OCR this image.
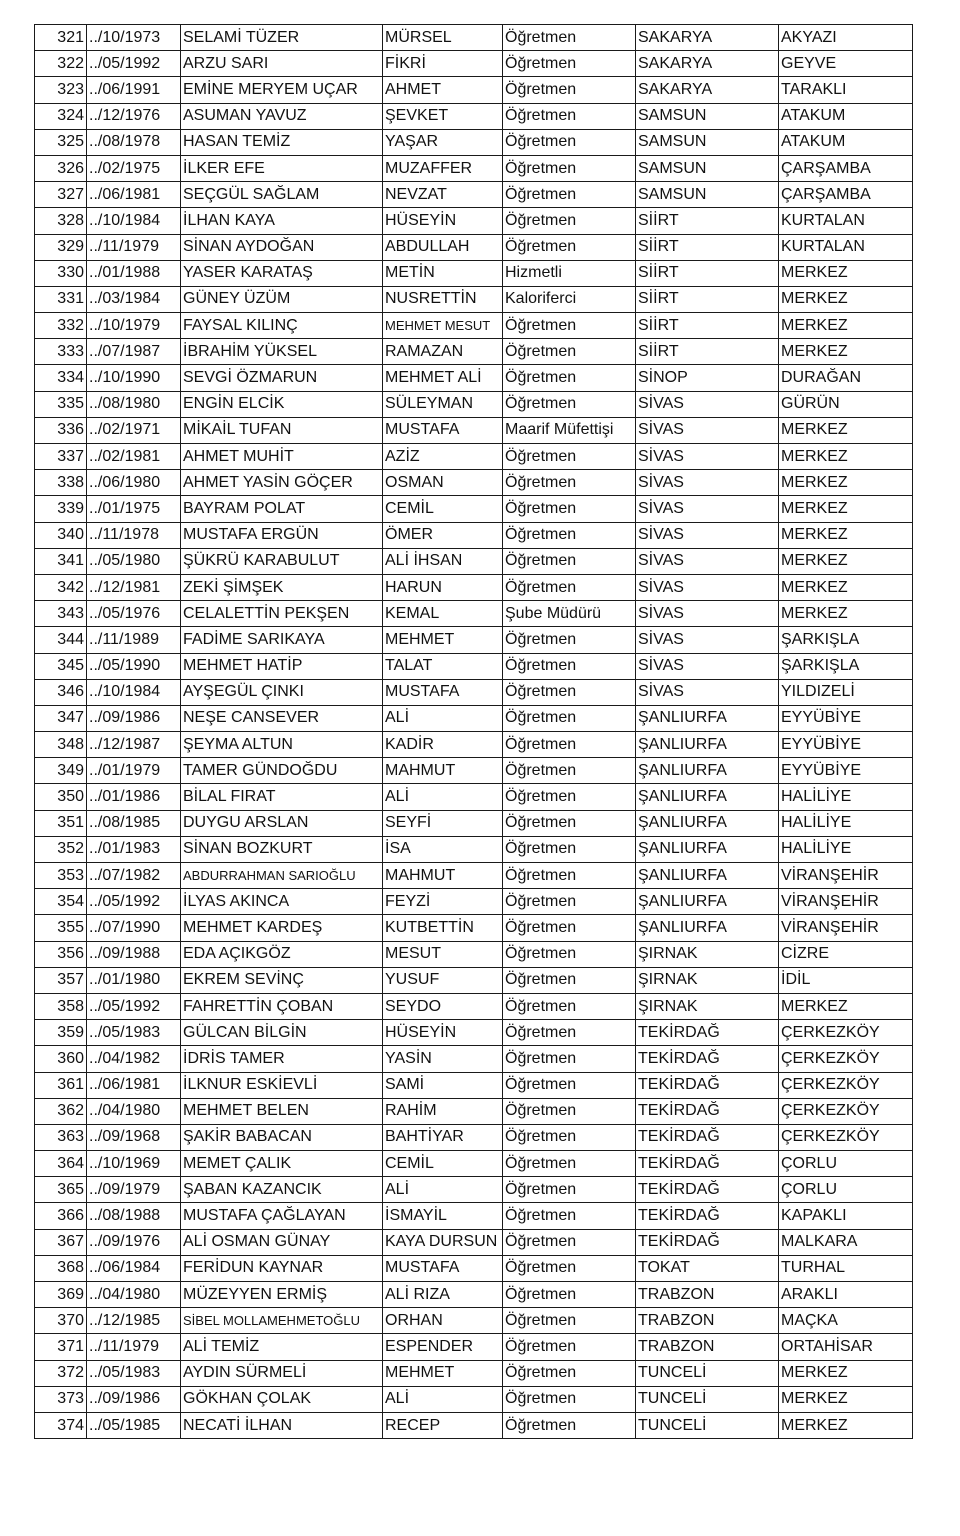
321	../10/1973	SELAMİ TÜZER	MÜRSEL	Öğretmen	SAKARYA	AKYAZI
322	../05/1992	ARZU SARI	FİKRİ	Öğretmen	SAKARYA	GEYVE
323	../06/1991	EMİNE MERYEM UÇAR	AHMET	Öğretmen	SAKARYA	TARAKLI
324	../12/1976	ASUMAN YAVUZ	ŞEVKET	Öğretmen	SAMSUN	ATAKUM
325	../08/1978	HASAN TEMİZ	YAŞAR	Öğretmen	SAMSUN	ATAKUM
326	../02/1975	İLKER EFE	MUZAFFER	Öğretmen	SAMSUN	ÇARŞAMBA
327	../06/1981	SEÇGÜL SAĞLAM	NEVZAT	Öğretmen	SAMSUN	ÇARŞAMBA
328	../10/1984	İLHAN KAYA	HÜSEYİN	Öğretmen	SİİRT	KURTALAN
329	../11/1979	SİNAN AYDOĞAN	ABDULLAH	Öğretmen	SİİRT	KURTALAN
330	../01/1988	YASER KARATAŞ	METİN	Hizmetli	SİİRT	MERKEZ
331	../03/1984	GÜNEY ÜZÜM	NUSRETTİN	Kaloriferci	SİİRT	MERKEZ
332	../10/1979	FAYSAL KILINÇ	MEHMET MESUT	Öğretmen	SİİRT	MERKEZ
333	../07/1987	İBRAHİM YÜKSEL	RAMAZAN	Öğretmen	SİİRT	MERKEZ
334	../10/1990	SEVGİ ÖZMARUN	MEHMET ALİ	Öğretmen	SİNOP	DURAĞAN
335	../08/1980	ENGİN ELCİK	SÜLEYMAN	Öğretmen	SİVAS	GÜRÜN
336	../02/1971	MİKAİL TUFAN	MUSTAFA	Maarif Müfettişi	SİVAS	MERKEZ
337	../02/1981	AHMET MUHİT	AZİZ	Öğretmen	SİVAS	MERKEZ
338	../06/1980	AHMET YASİN GÖÇER	OSMAN	Öğretmen	SİVAS	MERKEZ
339	../01/1975	BAYRAM POLAT	CEMİL	Öğretmen	SİVAS	MERKEZ
340	../11/1978	MUSTAFA ERGÜN	ÖMER	Öğretmen	SİVAS	MERKEZ
341	../05/1980	ŞÜKRÜ KARABULUT	ALİ İHSAN	Öğretmen	SİVAS	MERKEZ
342	../12/1981	ZEKİ ŞİMŞEK	HARUN	Öğretmen	SİVAS	MERKEZ
343	../05/1976	CELALETTİN PEKŞEN	KEMAL	Şube Müdürü	SİVAS	MERKEZ
344	../11/1989	FADİME SARIKAYA	MEHMET	Öğretmen	SİVAS	ŞARKIŞLA
345	../05/1990	MEHMET HATİP	TALAT	Öğretmen	SİVAS	ŞARKIŞLA
346	../10/1984	AYŞEGÜL ÇINKI	MUSTAFA	Öğretmen	SİVAS	YILDIZELİ
347	../09/1986	NEŞE CANSEVER	ALİ	Öğretmen	ŞANLIURFA	EYYÜBİYE
348	../12/1987	ŞEYMA ALTUN	KADİR	Öğretmen	ŞANLIURFA	EYYÜBİYE
349	../01/1979	TAMER GÜNDOĞDU	MAHMUT	Öğretmen	ŞANLIURFA	EYYÜBİYE
350	../01/1986	BİLAL FIRAT	ALİ	Öğretmen	ŞANLIURFA	HALİLİYE
351	../08/1985	DUYGU ARSLAN	SEYFİ	Öğretmen	ŞANLIURFA	HALİLİYE
352	../01/1983	SİNAN BOZKURT	İSA	Öğretmen	ŞANLIURFA	HALİLİYE
353	../07/1982	ABDURRAHMAN SARIOĞLU	MAHMUT	Öğretmen	ŞANLIURFA	VİRANŞEHİR
354	../05/1992	İLYAS AKINCA	FEYZİ	Öğretmen	ŞANLIURFA	VİRANŞEHİR
355	../07/1990	MEHMET KARDEŞ	KUTBETTİN	Öğretmen	ŞANLIURFA	VİRANŞEHİR
356	../09/1988	EDA AÇIKGÖZ	MESUT	Öğretmen	ŞIRNAK	CİZRE
357	../01/1980	EKREM SEVİNÇ	YUSUF	Öğretmen	ŞIRNAK	İDİL
358	../05/1992	FAHRETTİN ÇOBAN	SEYDO	Öğretmen	ŞIRNAK	MERKEZ
359	../05/1983	GÜLCAN BİLGİN	HÜSEYİN	Öğretmen	TEKİRDAĞ	ÇERKEZKÖY
360	../04/1982	İDRİS TAMER	YASİN	Öğretmen	TEKİRDAĞ	ÇERKEZKÖY
361	../06/1981	İLKNUR ESKİEVLİ	SAMİ	Öğretmen	TEKİRDAĞ	ÇERKEZKÖY
362	../04/1980	MEHMET BELEN	RAHİM	Öğretmen	TEKİRDAĞ	ÇERKEZKÖY
363	../09/1968	ŞAKİR BABACAN	BAHTİYAR	Öğretmen	TEKİRDAĞ	ÇERKEZKÖY
364	../10/1969	MEMET ÇALIK	CEMİL	Öğretmen	TEKİRDAĞ	ÇORLU
365	../09/1979	ŞABAN KAZANCIK	ALİ	Öğretmen	TEKİRDAĞ	ÇORLU
366	../08/1988	MUSTAFA ÇAĞLAYAN	İSMAYİL	Öğretmen	TEKİRDAĞ	KAPAKLI
367	../09/1976	ALİ OSMAN GÜNAY	KAYA DURSUN	Öğretmen	TEKİRDAĞ	MALKARA
368	../06/1984	FERİDUN KAYNAR	MUSTAFA	Öğretmen	TOKAT	TURHAL
369	../04/1980	MÜZEYYEN ERMİŞ	ALİ RIZA	Öğretmen	TRABZON	ARAKLI
370	../12/1985	SİBEL MOLLAMEHMETOĞLU	ORHAN	Öğretmen	TRABZON	MAÇKA
371	../11/1979	ALİ TEMİZ	ESPENDER	Öğretmen	TRABZON	ORTAHİSAR
372	../05/1983	AYDIN SÜRMELİ	MEHMET	Öğretmen	TUNCELİ	MERKEZ
373	../09/1986	GÖKHAN ÇOLAK	ALİ	Öğretmen	TUNCELİ	MERKEZ
374	../05/1985	NECATİ İLHAN	RECEP	Öğretmen	TUNCELİ	MERKEZ
